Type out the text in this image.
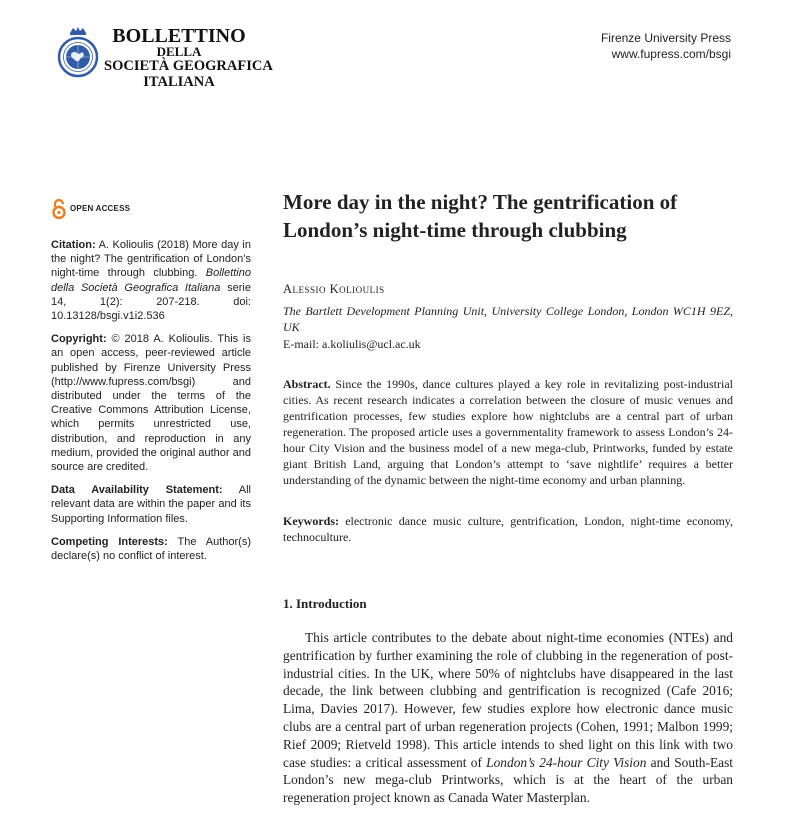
BOLLETTINO
DELLA
SOCIETÀ GEOGRAFICA
ITALIANA
Firenze University Press
www.fupress.com/bsgi
OPEN ACCESS

Citation: A. Kolioulis (2018) More day in the night? The gentrification of London’s night-time through clubbing. Bollettino della Società Geografica Italiana serie 14, 1(2): 207-218. doi: 10.13128/bsgi.v1i2.536

Copyright: © 2018 A. Kolioulis. This is an open access, peer-reviewed article published by Firenze University Press (http://www.fupress.com/bsgi) and distributed under the terms of the Creative Commons Attribution License, which permits unrestricted use, distribution, and reproduction in any medium, provided the original author and source are credited.

Data Availability Statement: All relevant data are within the paper and its Supporting Information files.

Competing Interests: The Author(s) declare(s) no conflict of interest.

More day in the night? The gentrification of London’s night-time through clubbing
Alessio Kolioulis
The Bartlett Development Planning Unit, University College London, London WC1H 9EZ, UK
E-mail: a.koliulis@ucl.ac.uk

Abstract. Since the 1990s, dance cultures played a key role in revitalizing post-industrial cities. As recent research indicates a correlation between the closure of music venues and gentrification processes, few studies explore how nightclubs are a central part of urban regeneration. The proposed article uses a governmentality framework to assess London’s 24-hour City Vision and the business model of a new mega-club, Printworks, funded by estate giant British Land, arguing that London’s attempt to ‘save nightlife’ requires a better understanding of the dynamic between the night-time economy and urban planning.

Keywords: electronic dance music culture, gentrification, London, night-time economy, technoculture.

1. Introduction

This article contributes to the debate about night-time economies (NTEs) and gentrification by further examining the role of clubbing in the regeneration of post-industrial cities. In the UK, where 50% of nightclubs have disappeared in the last decade, the link between clubbing and gentrification is recognized (Cafe 2016; Lima, Davies 2017). However, few studies explore how electronic dance music clubs are a central part of urban regeneration projects (Cohen, 1991; Malbon 1999; Rief 2009; Rietveld 1998). This article intends to shed light on this link with two case studies: a critical assessment of London’s 24-hour City Vision and South-East London’s new mega-club Printworks, which is at the heart of the urban regeneration project known as Canada Water Masterplan.
